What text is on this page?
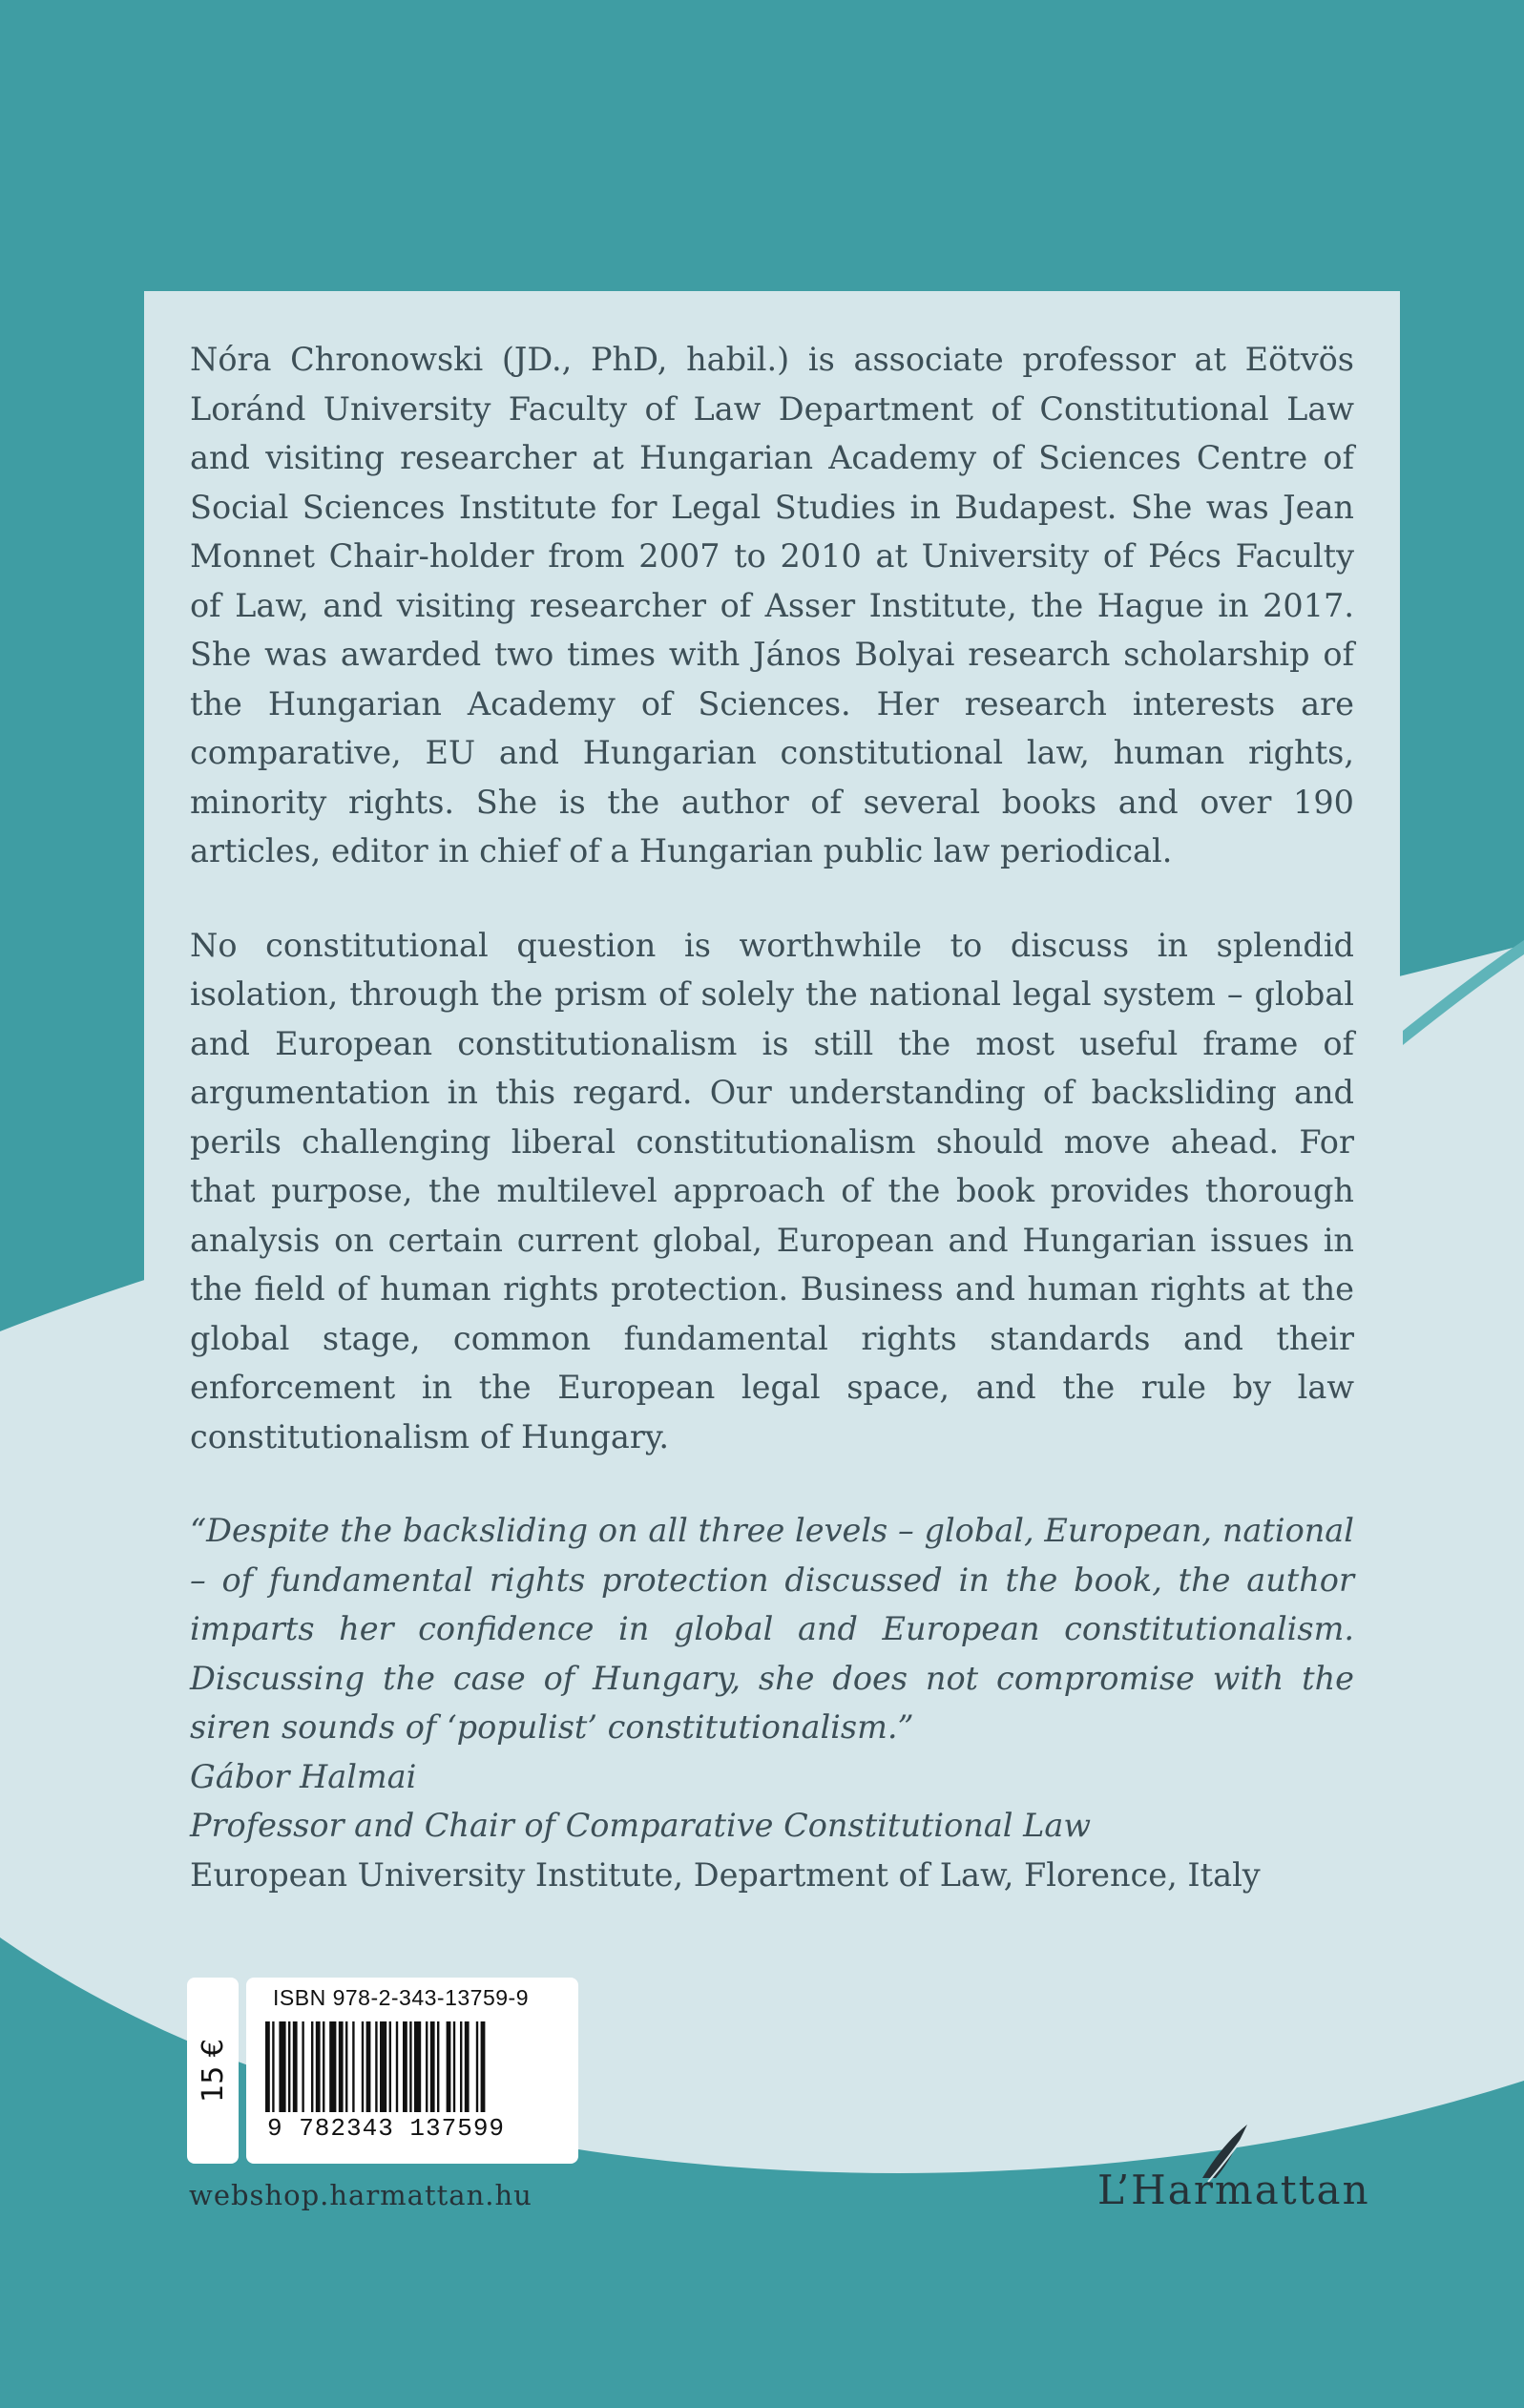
Nóra Chronowski (JD., PhD, habil.) is associate professor at Eötvös Loránd University Faculty of Law Department of Constitutional Law and visiting researcher at Hungarian Academy of Sciences Centre of Social Sciences Institute for Legal Studies in Budapest. She was Jean Monnet Chair-holder from 2007 to 2010 at University of Pécs Faculty of Law, and visiting researcher of Asser Institute, the Hague in 2017. She was awarded two times with János Bolyai research scholarship of the Hungarian Academy of Sciences. Her research interests are comparative, EU and Hungarian constitutional law, human rights, minority rights. She is the author of several books and over 190 articles, editor in chief of a Hungarian public law periodical.

No constitutional question is worthwhile to discuss in splendid isolation, through the prism of solely the national legal system – global and European constitutionalism is still the most useful frame of argumentation in this regard. Our understanding of backsliding and perils challenging liberal constitutionalism should move ahead. For that purpose, the multilevel approach of the book provides thorough analysis on certain current global, European and Hungarian issues in the field of human rights protection. Business and human rights at the global stage, common fundamental rights standards and their enforcement in the European legal space, and the rule by law constitutionalism of Hungary.

“Despite the backsliding on all three levels – global, European, national – of fundamental rights protection discussed in the book, the author imparts her confidence in global and European constitutionalism. Discussing the case of Hungary, she does not compromise with the siren sounds of ‘populist’ constitutionalism.”

Gábor Halmai

Professor and Chair of Comparative Constitutional Law

European University Institute, Department of Law, Florence, Italy

15 €
ISBN 978-2-343-13759-9
9 782343 137599
webshop.harmattan.hu	L’Harmattan
